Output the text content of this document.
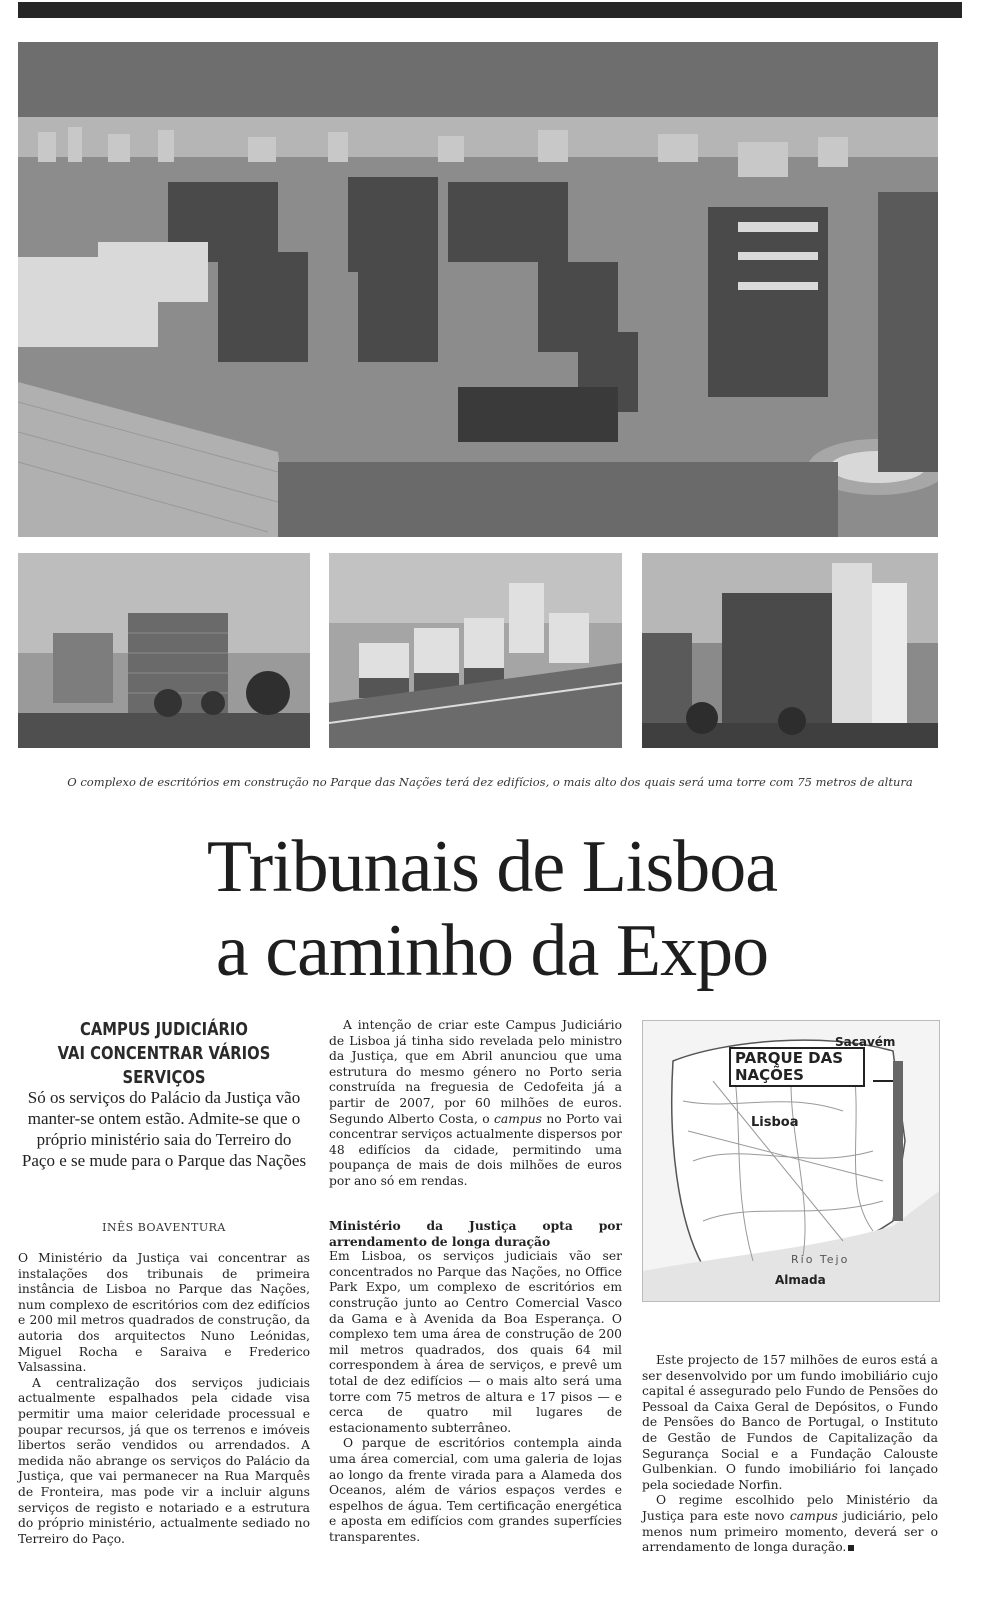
O complexo de escritórios em construção no Parque das Nações terá dez edifícios, o mais alto dos quais será uma torre com 75 metros de altura
Tribunais de Lisboa
a caminho da Expo
CAMPUS JUDICIÁRIO
VAI CONCENTRAR VÁRIOS SERVIÇOS
Só os serviços do Palácio da Justiça vão manter-se ontem estão. Admite-se que o próprio ministério saia do Terreiro do Paço e se mude para o Parque das Nações
INÊS BOAVENTURA

O Ministério da Justiça vai concentrar as instalações dos tribunais de primeira instância de Lisboa no Parque das Nações, num complexo de escritórios com dez edifícios e 200 mil metros quadrados de construção, da autoria dos arquitectos Nuno Leónidas, Miguel Rocha e Saraiva e Frederico Valsassina.

A centralização dos serviços judiciais actualmente espalhados pela cidade visa permitir uma maior celeridade processual e poupar recursos, já que os terrenos e imóveis libertos serão vendidos ou arrendados. A medida não abrange os serviços do Palácio da Justiça, que vai permanecer na Rua Marquês de Fronteira, mas pode vir a incluir alguns serviços de registo e notariado e a estrutura do próprio ministério, actualmente sediado no Terreiro do Paço.

A intenção de criar este Campus Judiciário de Lisboa já tinha sido revelada pelo ministro da Justiça, que em Abril anunciou que uma estrutura do mesmo género no Porto seria construída na freguesia de Cedofeita já a partir de 2007, por 60 milhões de euros. Segundo Alberto Costa, o campus no Porto vai concentrar serviços actualmente dispersos por 48 edifícios da cidade, permitindo uma poupança de mais de dois milhões de euros por ano só em rendas.

Ministério da Justiça opta por arrendamento de longa duração

Em Lisboa, os serviços judiciais vão ser concentrados no Parque das Nações, no Office Park Expo, um complexo de escritórios em construção junto ao Centro Comercial Vasco da Gama e à Avenida da Boa Esperança. O complexo tem uma área de construção de 200 mil metros quadrados, dos quais 64 mil correspondem à área de serviços, e prevê um total de dez edifícios — o mais alto será uma torre com 75 metros de altura e 17 pisos — e cerca de quatro mil lugares de estacionamento subterrâneo.

O parque de escritórios contempla ainda uma área comercial, com uma galeria de lojas ao longo da frente virada para a Alameda dos Oceanos, além de vários espaços verdes e espelhos de água. Tem certificação energética e aposta em edifícios com grandes superfícies transparentes.

PARQUE DAS NAÇÕES
Sacavém
Lisboa
Rio Tejo
Almada

Este projecto de 157 milhões de euros está a ser desenvolvido por um fundo imobiliário cujo capital é assegurado pelo Fundo de Pensões do Pessoal da Caixa Geral de Depósitos, o Fundo de Pensões do Banco de Portugal, o Instituto de Gestão de Fundos de Capitalização da Segurança Social e a Fundação Calouste Gulbenkian. O fundo imobiliário foi lançado pela sociedade Norfin.

O regime escolhido pelo Ministério da Justiça para este novo campus judiciário, pelo menos num primeiro momento, deverá ser o arrendamento de longa duração.
